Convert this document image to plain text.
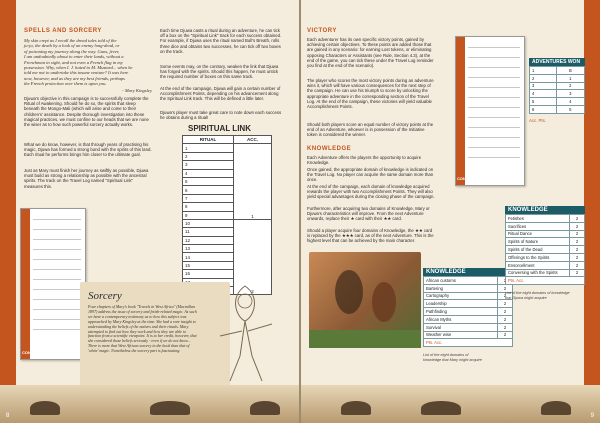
SPELLS AND SORCERY
My skin crept as I recall the dread tales told of the
ju-ju, the death by a look of an enemy long-dead, or
of poisoning my journey along the way. Guns, fever,
I am undoubtedly about to enter their lands, without a
Frenchman in sight, and not even a French flag in my
possession. Why, when I. J. hated to M. Mustard... when he
told me not to undertake this insane venture? It was here
now, however, and as they are my best friends, perhaps
the French protection over them is upon you.
- Mary Kingsley
Djuwa's objective in this campaign is to successfully complete the Ritual of Awakening. Should he do so, the spirits that sleep beneath the Mongo-Mali (which will arise and come to their children's' assistance. Despite thorough investigation into these magical practices, we must confine to our heads that we are none the wiser as to how such powerful sorcery actually works.
What we do know, however, is that through years of practising his magic, Djuwa has formed a strong bond with the spirits of this land. Each ritual he performs brings him closer to the ultimate goal.
Just as Mary must finish her journey as swiftly as possible, Djuwa must build as strong a relationship as possible with the ancestral spirits. The track on the Travel Log named "Spiritual Link" measures this.
CONGO
Each time Djuwa casts a ritual during an adventure, he can tick off a box on the "Spiritual Link" track for each success obtained. For example, if Djuwa uses the ritual named Bull's Breath, rolls three dice and obtains two successes, he can tick off two boxes on the track.
Some events may, on the contrary, weaken the link that Djuwa has forged with the spirits. Should this happen, he must untick the required number of boxes on this same track.
At the end of the campaign, Djuwa will gain a certain number of Accomplishment Points, depending on his advancement along the Spiritual Link track. This will be defined a little later.
Djuwa's player must take great care to note down each success he obtains during a ritual!
SPIRITUAL LINK
RITUAL	ACC.
1	1
2	
3	
4	
5	
6	
7	
8	
9	
10	2
11	
12	
13	
14	
15	
16	

Sorcery
Four chapters of Mary's book "Travels in West Africa" (Macmillan 1897) address the issue of sorcery and fetish-related magic. As such we have a contemporary testimony as to how this subject was approached by Mary Kingsley at the time. She had a rare insight to understanding the beliefs of the natives and their rituals. Mary attempted to find out how they work and how they are able to function from a scientific viewpoint. It is to her credit, however, that she considered those beliefs seriously - even if we do not know... There is more that West African sorcery in the book than that of 'white' magic. Nonetheless the sorcery part is fascinating.
8
VICTORY
Each adventurer has its own specific victory points, gained by achieving certain objectives. To these points are added those that are gained in any scenario: for earning Lost tokens, or eliminating opposing Characters or Assistants (see Rule, Section 4.3), at the end of the game, you can tick these under the Travel Log reminder you find at the end of the scenario).
The player who scores the most victory points during an adventure wins it, which will have various consequences for the next step of the campaign. He can use his triumph to score by unlocking the appropriate adventure in the corresponding section of the Travel Log. At the end of the campaign, these victories will yield valuable Accomplishment Points.
Should both players score an equal number of victory points at the end of an Adventure, whoever is in possession of the Initiative token is considered the winner.
KNOWLEDGE
Each Adventure offers the players the opportunity to acquire Knowledge.
Once gained, the appropriate domain of knowledge is indicated on the Travel Log. No player can acquire the same domain more than once.
At the end of the campaign, each domain of knowledge acquired rewards the player with two Accomplishment Points. They will also yield special advantages during the closing phase of the campaign.
Furthermore, after acquiring two domains of Knowledge, Mary or Djuwa's characteristics will improve. From the next Adventure onwards, replace their ★ card with their ★★ card.
Should a player acquire four domains of Knowledge, the ★★ card is replaced by the ★★★ card, as of the next Adventure. This is the highest level that can be achieved by the main character.
KNOWLEDGE
African customs	
Bartering	2
Cartography	2
Leadership	2
Pathfinding	2
African Myths	2
Survival	2
Weather wise	2
Pts. Acc.	
List of the eight domains of knowledge that Mary might acquire
CONGO
ADVENTURES WON
1	B
2	1
3	2
4	3
5	4
6	5
Acc. Pts.
KNOWLEDGE
Fetishes	2
Sacrifices	2
Ritual Dance	2
Spirits of Nature	2
Spirits of the Dead	2
Offerings to the Spirits	2
Ensorcellment	2
Conversing with the Spirits	2
Pts. Acc.	
List of the eight domains of knowledge that Djuwa might acquire
9
